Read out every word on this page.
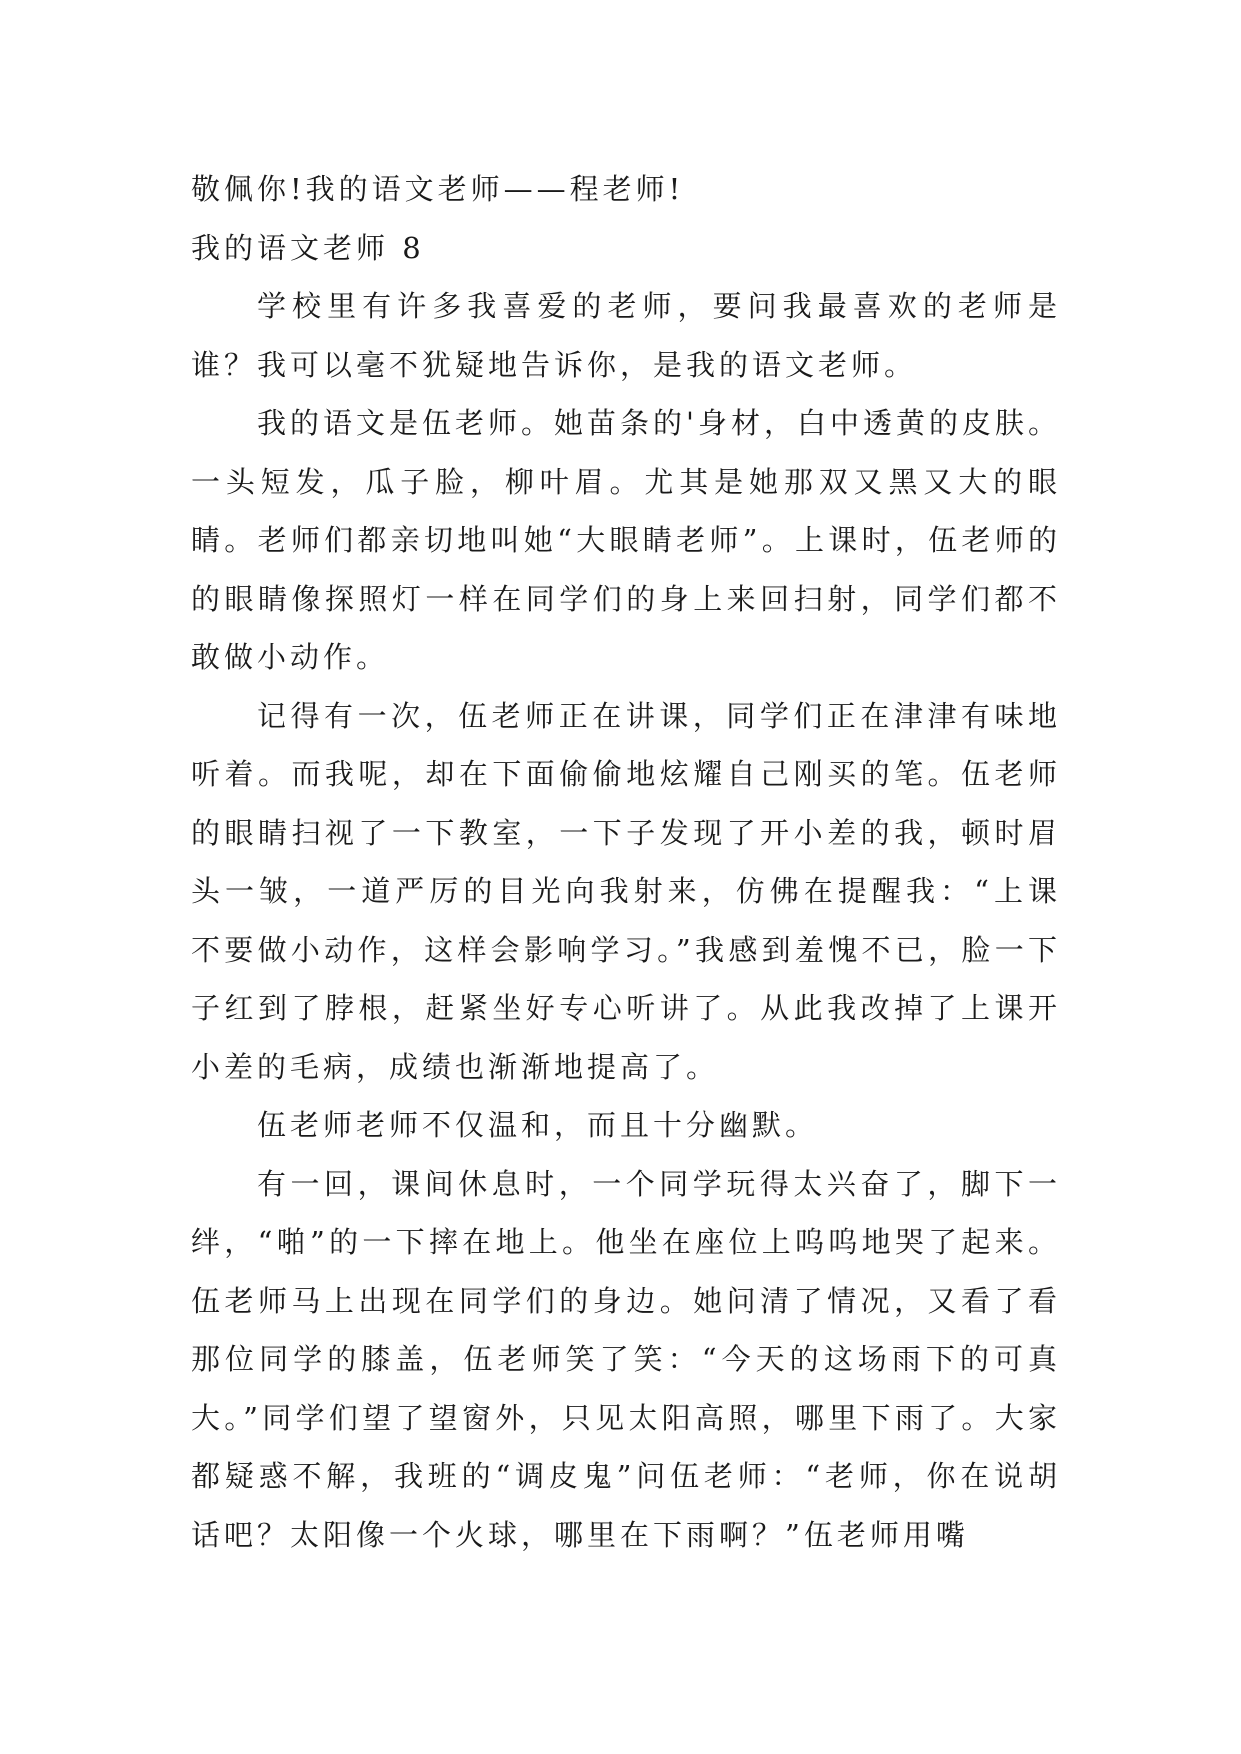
敬佩你!我的语文老师——程老师!

我的语文老师 8

学校里有许多我喜爱的老师，要问我最喜欢的老师是谁？我可以毫不犹疑地告诉你，是我的语文老师。

我的语文是伍老师。她苗条的'身材，白中透黄的皮肤。一头短发，瓜子脸，柳叶眉。尤其是她那双又黑又大的眼睛。老师们都亲切地叫她“大眼睛老师”。上课时，伍老师的的眼睛像探照灯一样在同学们的身上来回扫射，同学们都不敢做小动作。

记得有一次，伍老师正在讲课，同学们正在津津有味地听着。而我呢，却在下面偷偷地炫耀自己刚买的笔。伍老师的眼睛扫视了一下教室，一下子发现了开小差的我，顿时眉头一皱，一道严厉的目光向我射来，仿佛在提醒我：“上课不要做小动作，这样会影响学习。”我感到羞愧不已，脸一下子红到了脖根，赶紧坐好专心听讲了。从此我改掉了上课开小差的毛病，成绩也渐渐地提高了。

伍老师老师不仅温和，而且十分幽默。

有一回，课间休息时，一个同学玩得太兴奋了，脚下一绊，“啪”的一下摔在地上。他坐在座位上呜呜地哭了起来。伍老师马上出现在同学们的身边。她问清了情况，又看了看那位同学的膝盖，伍老师笑了笑：“今天的这场雨下的可真大。”同学们望了望窗外，只见太阳高照，哪里下雨了。大家都疑惑不解，我班的“调皮鬼”问伍老师：“老师，你在说胡话吧？太阳像一个火球，哪里在下雨啊？”伍老师用嘴
